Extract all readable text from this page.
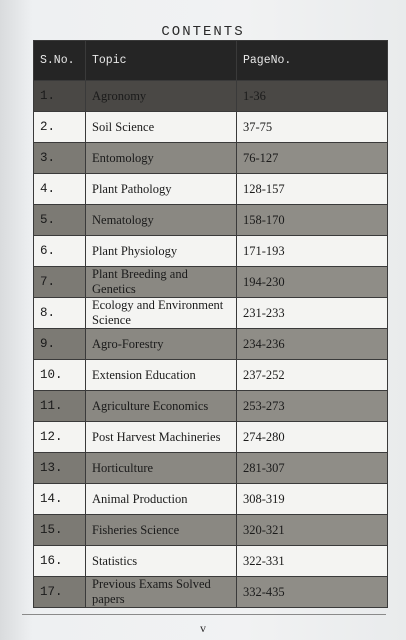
CONTENTS
S.No.	Topic	PageNo.
1.	Agronomy	1-36
2.	Soil Science	37-75
3.	Entomology	76-127
4.	Plant Pathology	128-157
5.	Nematology	158-170
6.	Plant Physiology	171-193
7.	Plant Breeding and Genetics	194-230
8.	Ecology and Environment Science	231-233
9.	Agro-Forestry	234-236
10.	Extension Education	237-252
11.	Agriculture Economics	253-273
12.	Post Harvest Machineries	274-280
13.	Horticulture	281-307
14.	Animal Production	308-319
15.	Fisheries Science	320-321
16.	Statistics	322-331
17.	Previous Exams Solved papers	332-435
v
